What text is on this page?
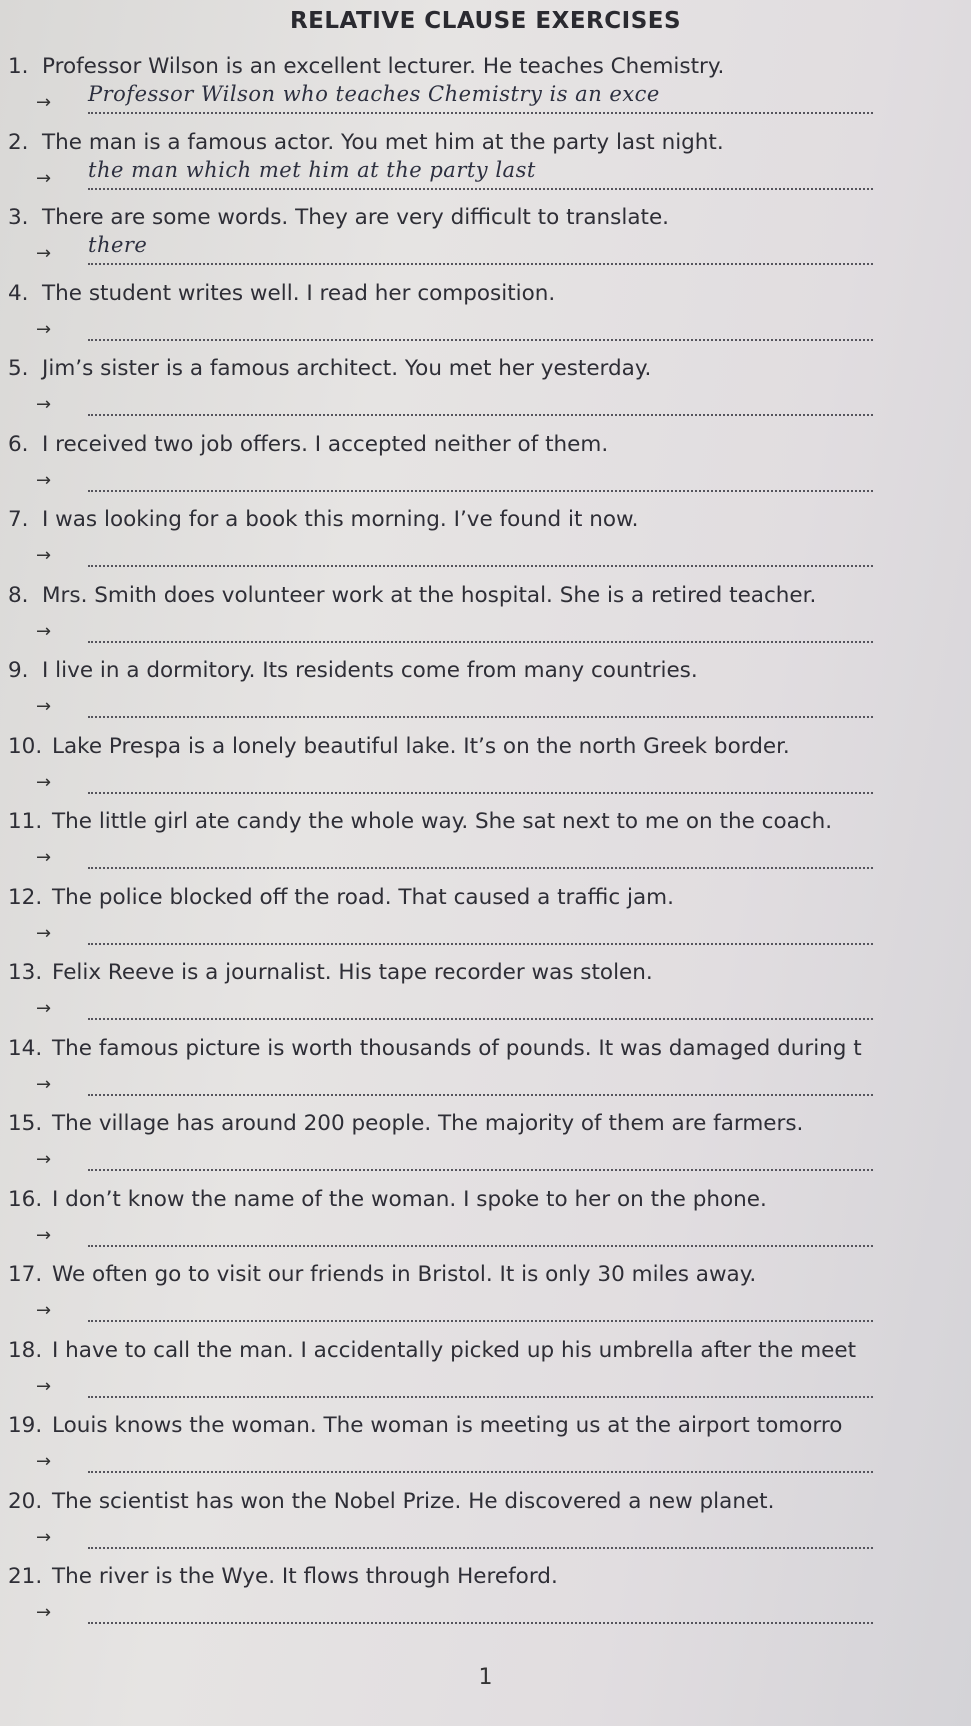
RELATIVE CLAUSE EXERCISES
1. Professor Wilson is an excellent lecturer. He teaches Chemistry.
→ Professor Wilson who teaches Chemistry is an exce
2. The man is a famous actor. You met him at the party last night.
→ the man which met him at the party last
3. There are some words. They are very difficult to translate.
→ there
4. The student writes well. I read her composition.
→
5. Jim’s sister is a famous architect. You met her yesterday.
→
6. I received two job offers. I accepted neither of them.
→
7. I was looking for a book this morning. I’ve found it now.
→
8. Mrs. Smith does volunteer work at the hospital. She is a retired teacher.
→
9. I live in a dormitory. Its residents come from many countries.
→
10. Lake Prespa is a lonely beautiful lake. It’s on the north Greek border.
→
11. The little girl ate candy the whole way. She sat next to me on the coach.
→
12. The police blocked off the road. That caused a traffic jam.
→
13. Felix Reeve is a journalist. His tape recorder was stolen.
→
14. The famous picture is worth thousands of pounds. It was damaged during t
→
15. The village has around 200 people. The majority of them are farmers.
→
16. I don’t know the name of the woman. I spoke to her on the phone.
→
17. We often go to visit our friends in Bristol. It is only 30 miles away.
→
18. I have to call the man. I accidentally picked up his umbrella after the meet
→
19. Louis knows the woman. The woman is meeting us at the airport tomorro
→
20. The scientist has won the Nobel Prize. He discovered a new planet.
→
21. The river is the Wye. It flows through Hereford.
→
1
